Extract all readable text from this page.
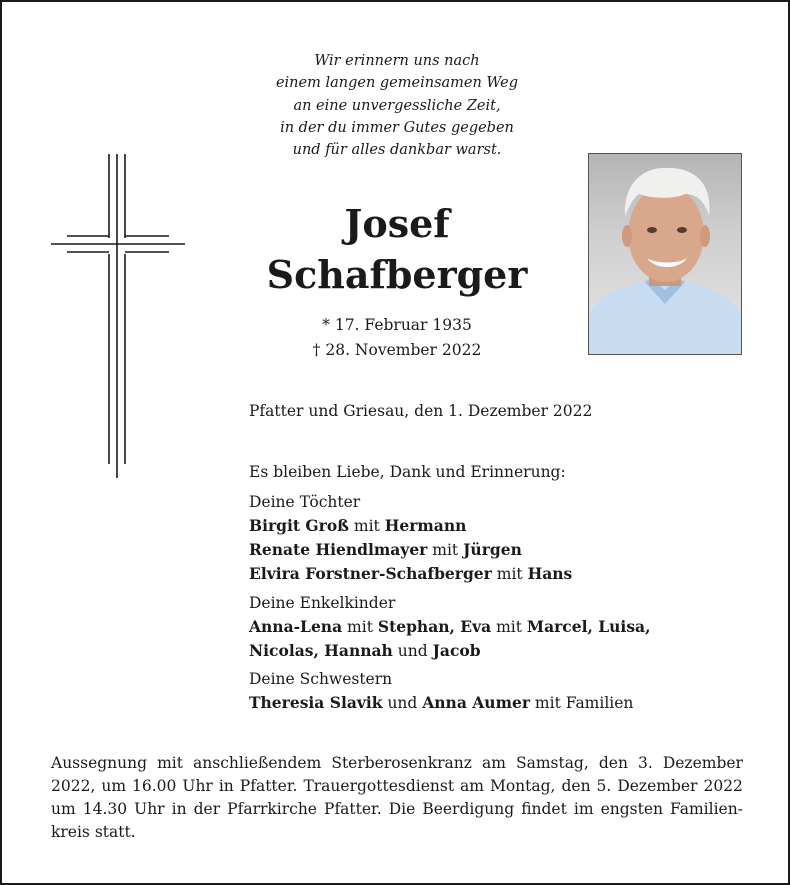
Wir erinnern uns nach
einem langen gemeinsamen Weg
an eine unvergessliche Zeit,
in der du immer Gutes gegeben
und für alles dankbar warst.
Josef
Schafberger
* 17. Februar 1935
† 28. November 2022
Pfatter und Griesau, den 1. Dezember 2022
Es bleiben Liebe, Dank und Erinnerung:
Deine Töchter
Birgit Groß mit Hermann
Renate Hiendlmayer mit Jürgen
Elvira Forstner-Schafberger mit Hans
Deine Enkelkinder
Anna-Lena mit Stephan, Eva mit Marcel, Luisa,
Nicolas, Hannah und Jacob
Deine Schwestern
Theresia Slavik und Anna Aumer mit Familien
Aussegnung mit anschließendem Sterberosenkranz am Samstag, den 3. Dezember
2022, um 16.00 Uhr in Pfatter. Trauergottesdienst am Montag, den 5. Dezember 2022
um 14.30 Uhr in der Pfarrkirche Pfatter. Die Beerdigung findet im engsten Familien-
kreis statt.
